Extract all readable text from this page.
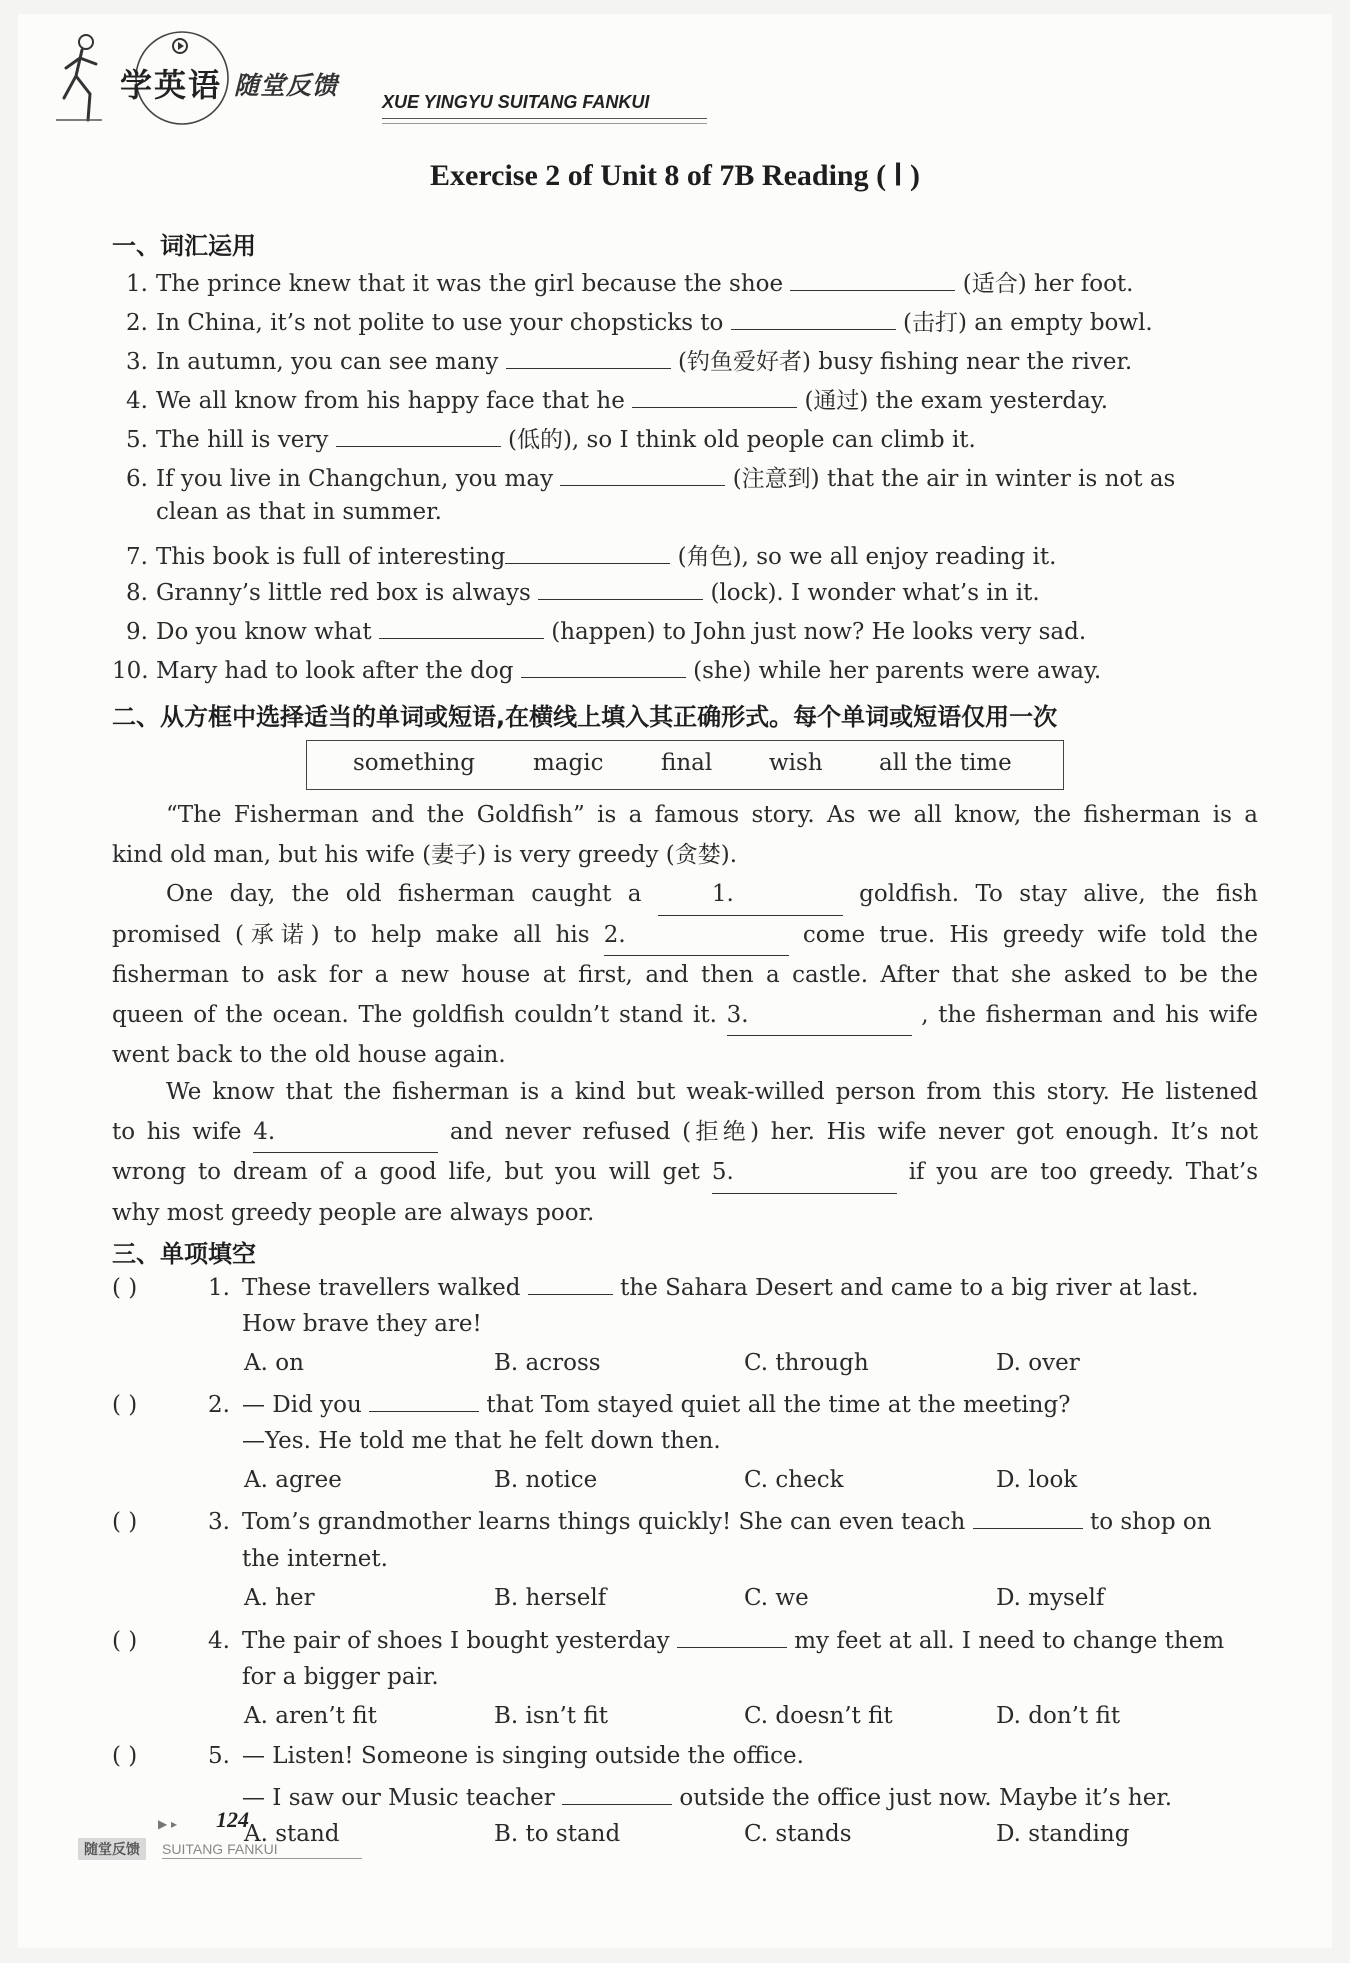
学英语 随堂反馈
XUE YINGYU SUITANG FANKUI
Exercise 2 of Unit 8 of 7B Reading ( Ⅰ )
一、词汇运用
1. The prince knew that it was the girl because the shoe	(适合) her foot.
2. In China, it’s not polite to use your chopsticks to	(击打) an empty bowl.
3. In autumn, you can see many	(钓鱼爱好者) busy fishing near the river.
4. We all know from his happy face that he	(通过) the exam yesterday.
5. The hill is very	(低的), so I think old people can climb it.
6. If you live in Changchun, you may	(注意到) that the air in winter is not as
clean as that in summer.
7. This book is full of interesting	(角色), so we all enjoy reading it.
8. Granny’s little red box is always	(lock). I wonder what’s in it.
9. Do you know what	(happen) to John just now? He looks very sad.
10. Mary had to look after the dog	(she) while her parents were away.
二、从方框中选择适当的单词或短语,在横线上填入其正确形式。每个单词或短语仅用一次
something	magic	final wish all the time
“The Fisherman and the Goldfish” is a famous story. As we all know, the fisherman is a
kind old man, but his wife (妻子) is very greedy (贪婪).
One day, the old fisherman caught a 1.	goldfish. To stay alive, the fish
promised (承诺) to help make all his 2.	come true. His greedy wife told the
fisherman to ask for a new house at first, and then a castle. After that she asked to be the
queen of the ocean. The goldfish couldn’t stand it. 3.	, the fisherman and his wife
went back to the old house again.
We know that the fisherman is a kind but weak-willed person from this story. He listened
to his wife 4.	and never refused (拒绝) her. His wife never got enough. It’s not
wrong to dream of a good life, but you will get 5.	if you are too greedy. That’s
why most greedy people are always poor.
三、单项填空
( )	1. These travellers walked	the Sahara Desert and came to a big river at last.
How brave they are!
A. on	B. across	C. through	D. over
( )	2. — Did you	that Tom stayed quiet all the time at the meeting?
—Yes. He told me that he felt down then.
A. agree	B. notice	C. check	D. look
( )	3. Tom’s grandmother learns things quickly! She can even teach	to shop on
the internet.
A. her	B. herself	C. we	D. myself
( )	4. The pair of shoes I bought yesterday	my feet at all. I need to change them
for a bigger pair.
A. aren’t fit	B. isn’t fit	C. doesn’t fit	D. don’t fit
( )	5. — Listen! Someone is singing outside the office.
— I saw our Music teacher	outside the office just now. Maybe it’s her.
A. stand	B. to stand	C. stands	D. standing
▶ ▸ 124
随堂反馈	SUITANG FANKUI
